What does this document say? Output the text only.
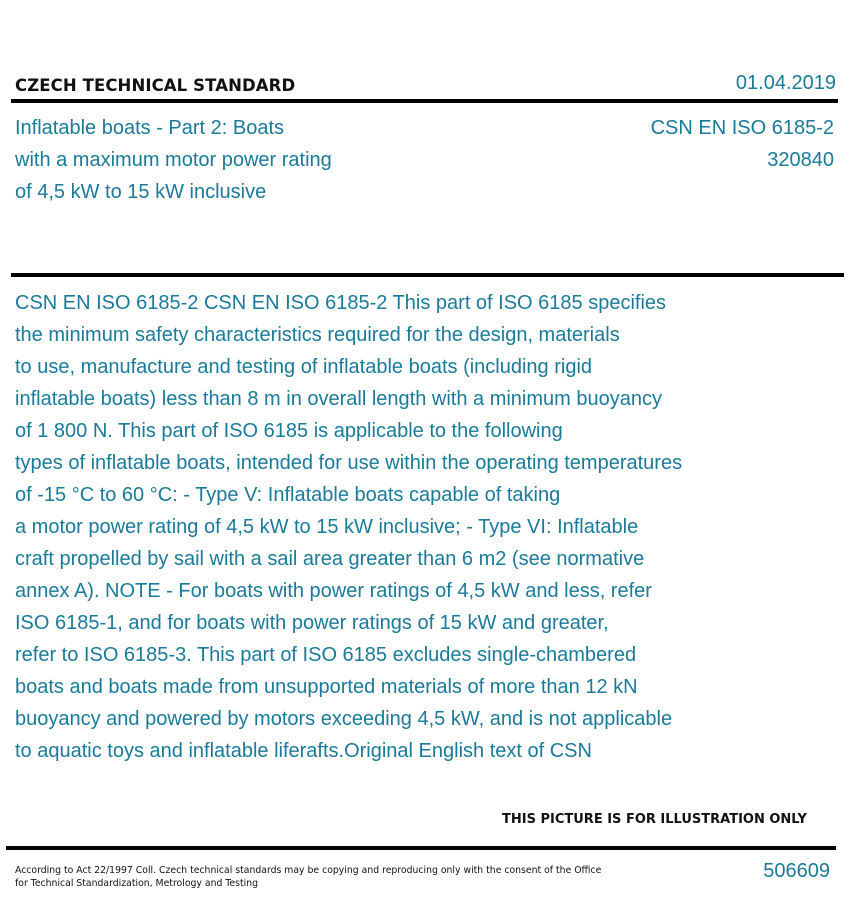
CZECH TECHNICAL STANDARD	01.04.2019
Inflatable boats - Part 2: Boats
with a maximum motor power rating
of 4,5 kW to 15 kW inclusive
CSN EN ISO 6185-2
320840
CSN EN ISO 6185-2 CSN EN ISO 6185-2 This part of ISO 6185 specifies
the minimum safety characteristics required for the design, materials
to use, manufacture and testing of inflatable boats (including rigid
inflatable boats) less than 8 m in overall length with a minimum buoyancy
of 1 800 N. This part of ISO 6185 is applicable to the following
types of inflatable boats, intended for use within the operating temperatures
of -15 °C to 60 °C: - Type V: Inflatable boats capable of taking
a motor power rating of 4,5 kW to 15 kW inclusive; - Type VI: Inflatable
craft propelled by sail with a sail area greater than 6 m2 (see normative
annex A). NOTE - For boats with power ratings of 4,5 kW and less, refer
ISO 6185-1, and for boats with power ratings of 15 kW and greater,
refer to ISO 6185-3. This part of ISO 6185 excludes single-chambered
boats and boats made from unsupported materials of more than 12 kN
buoyancy and powered by motors exceeding 4,5 kW, and is not applicable
to aquatic toys and inflatable liferafts.Original English text of CSN
THIS PICTURE IS FOR ILLUSTRATION ONLY
According to Act 22/1997 Coll. Czech technical standards may be copying and reproducing only with the consent of the Office
for Technical Standardization, Metrology and Testing
506609
